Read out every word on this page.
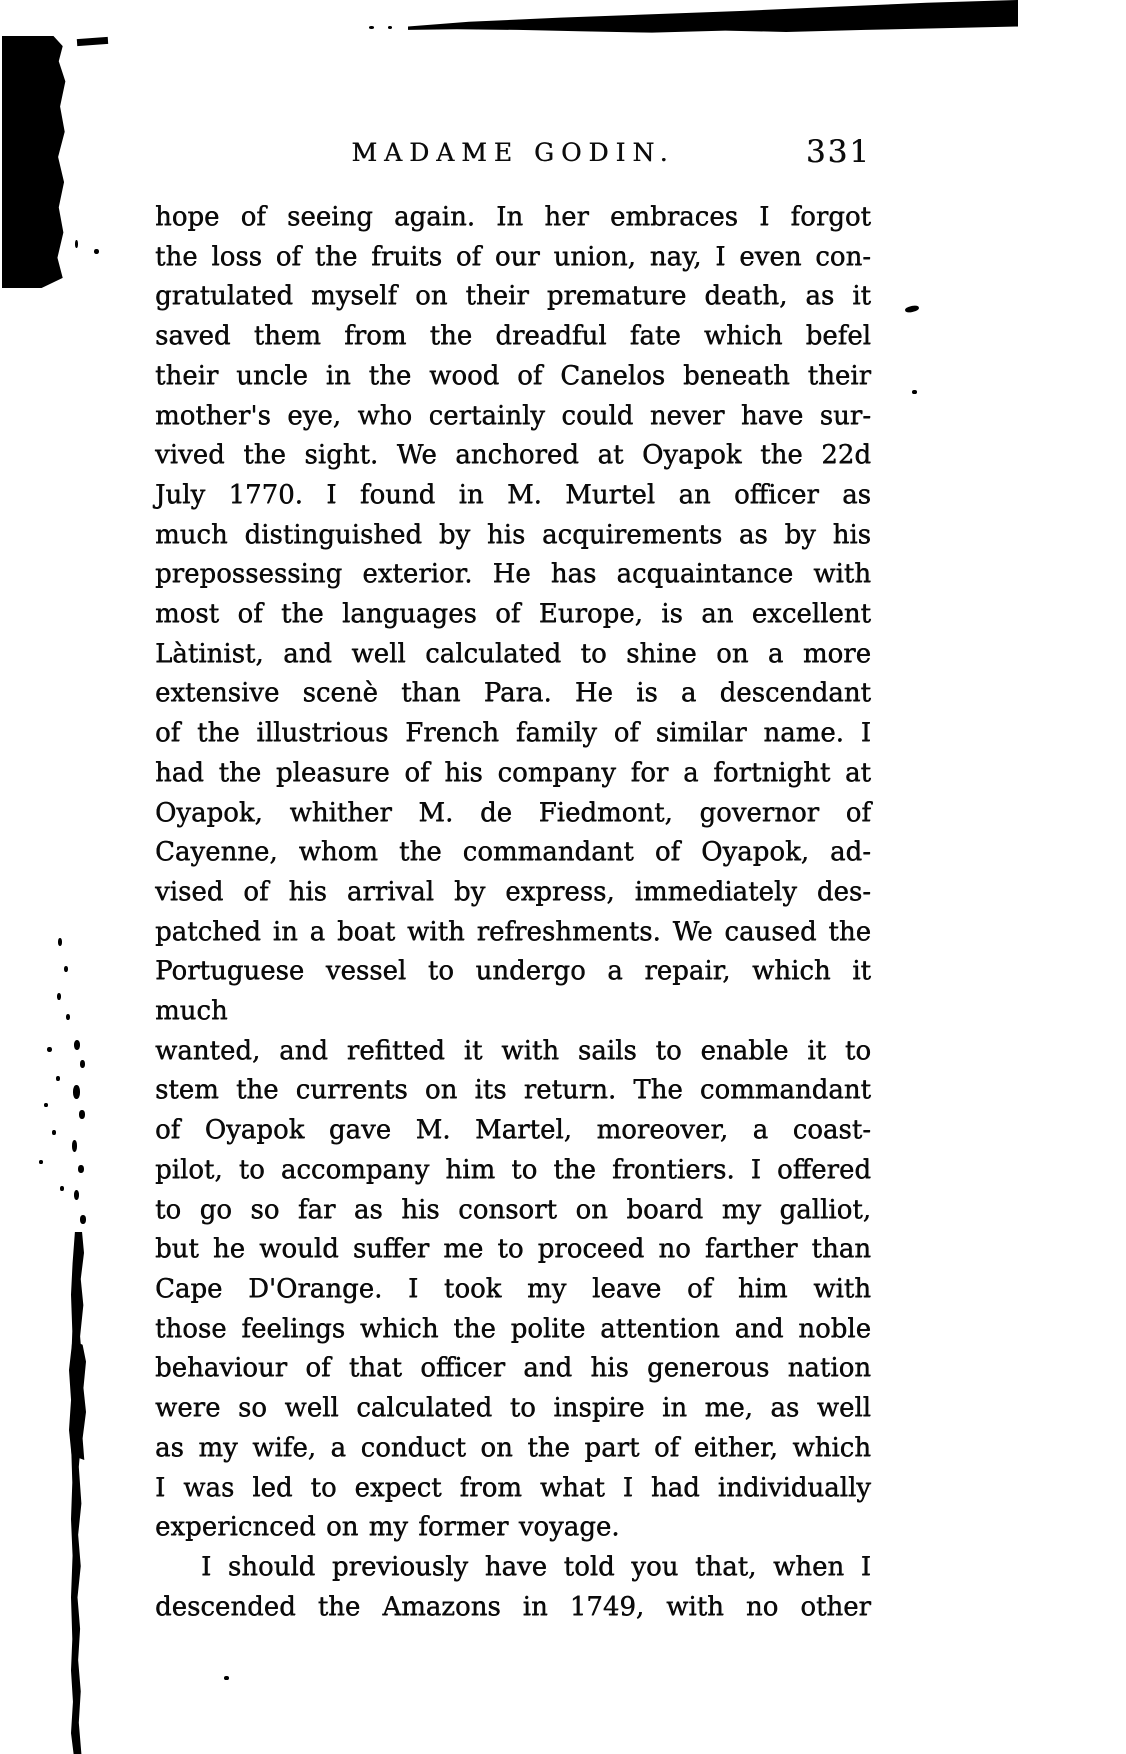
MADAME GODIN.	331
hope of seeing again. In her embraces I forgot
the loss of the fruits of our union, nay, I even con-
gratulated myself on their premature death, as it
saved them from the dreadful fate which befel
their uncle in the wood of Canelos beneath their
mother's eye, who certainly could never have sur-
vived the sight. We anchored at Oyapok the 22d
July 1770. I found in M. Murtel an officer as
much distinguished by his acquirements as by his
prepossessing exterior. He has acquaintance with
most of the languages of Europe, is an excellent
Làtinist, and well calculated to shine on a more
extensive scenè than Para. He is a descendant
of the illustrious French family of similar name. I
had the pleasure of his company for a fortnight at
Oyapok, whither M. de Fiedmont, governor of
Cayenne, whom the commandant of Oyapok, ad-
vised of his arrival by express, immediately des-
patched in a boat with refreshments. We caused the
Portuguese vessel to undergo a repair, which it much
wanted, and refitted it with sails to enable it to
stem the currents on its return. The commandant
of Oyapok gave M. Martel, moreover, a coast-
pilot, to accompany him to the frontiers. I offered
to go so far as his consort on board my galliot,
but he would suffer me to proceed no farther than
Cape D'Orange. I took my leave of him with
those feelings which the polite attention and noble
behaviour of that officer and his generous nation
were so well calculated to inspire in me, as well
as my wife, a conduct on the part of either, which
I was led to expect from what I had individually
expericnced on my former voyage.
I should previously have told you that, when I
descended the Amazons in 1749, with no other
